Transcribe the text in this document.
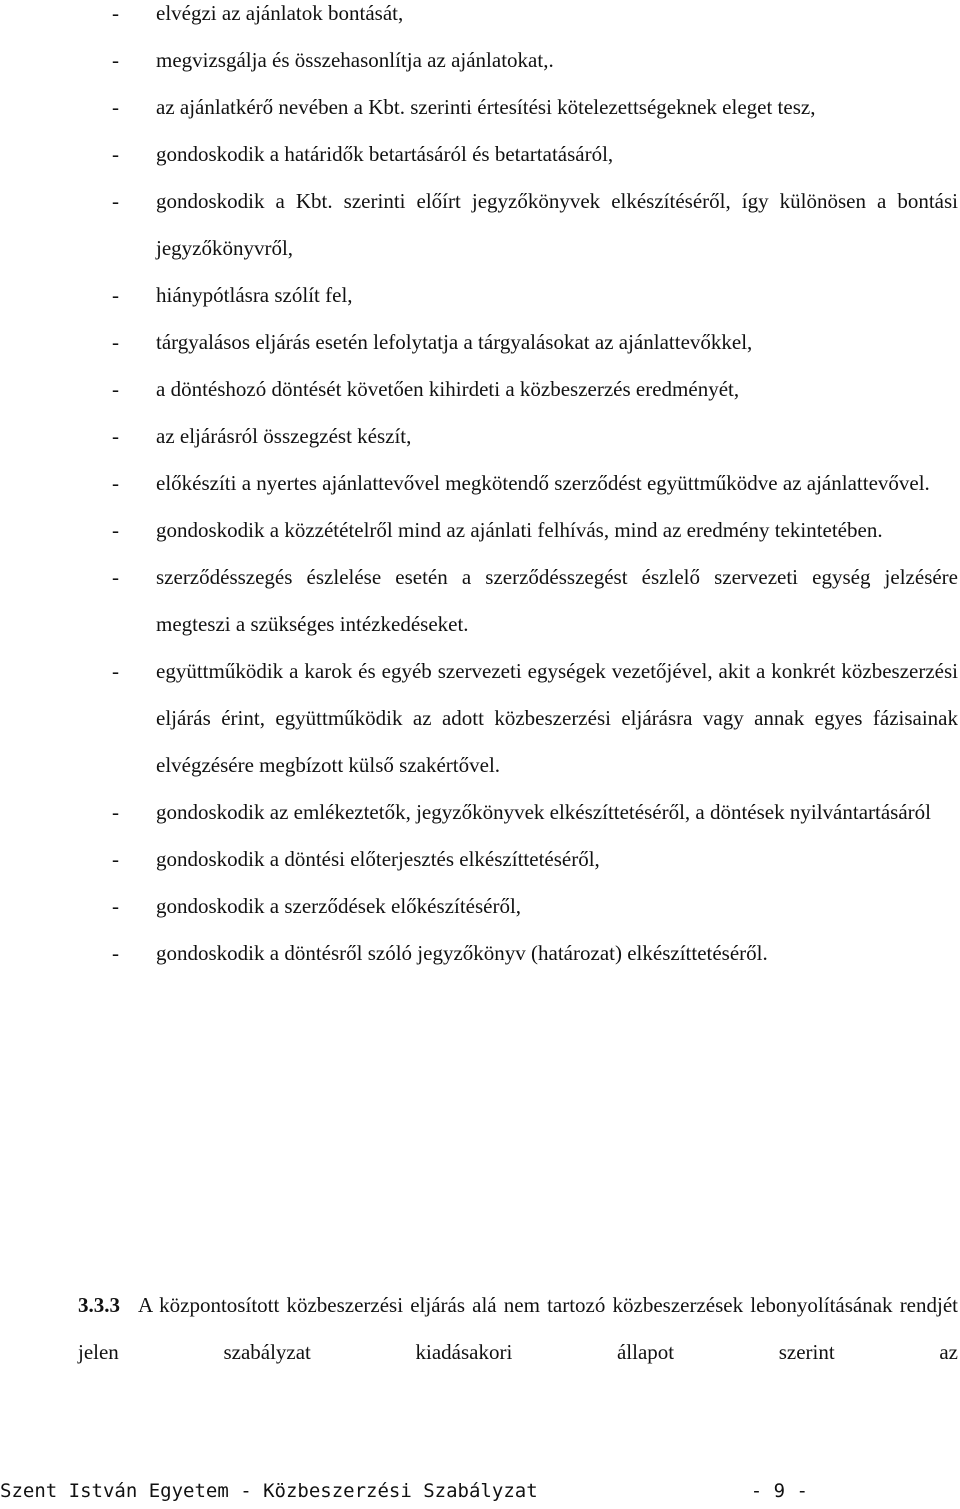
- elvégzi az ajánlatok bontását,
- megvizsgálja és összehasonlítja az ajánlatokat,.
- az ajánlatkérő nevében a Kbt. szerinti értesítési kötelezettségeknek eleget tesz,
- gondoskodik a határidők betartásáról és betartatásáról,
- gondoskodik a Kbt. szerinti előírt jegyzőkönyvek elkészítéséről, így különösen a bontási jegyzőkönyvről,
- hiánypótlásra szólít fel,
- tárgyalásos eljárás esetén lefolytatja a tárgyalásokat az ajánlattevőkkel,
- a döntéshozó döntését követően kihirdeti a közbeszerzés eredményét,
- az eljárásról összegzést készít,
- előkészíti a nyertes ajánlattevővel megkötendő szerződést együttműködve az ajánlattevővel.
- gondoskodik a közzétételről mind az ajánlati felhívás, mind az eredmény tekintetében.
- szerződésszegés észlelése esetén a szerződésszegést észlelő szervezeti egység jelzésére megteszi a szükséges intézkedéseket.
- együttműködik a karok és egyéb szervezeti egységek vezetőjével, akit a konkrét közbeszerzési eljárás érint, együttműködik az adott közbeszerzési eljárásra vagy annak egyes fázisainak elvégzésére megbízott külső szakértővel.
- gondoskodik az emlékeztetők, jegyzőkönyvek elkészíttetéséről, a döntések nyilvántartásáról
- gondoskodik a döntési előterjesztés elkészíttetéséről,
- gondoskodik a szerződések előkészítéséről,
- gondoskodik a döntésről szóló jegyzőkönyv (határozat) elkészíttetéséről.
3.3.3 A központosított közbeszerzési eljárás alá nem tartozó közbeszerzések lebonyolításának rendjét jelen szabályzat kiadásakori állapot szerint az
Szent István Egyetem - Közbeszerzési Szabályzat	- 9 -
